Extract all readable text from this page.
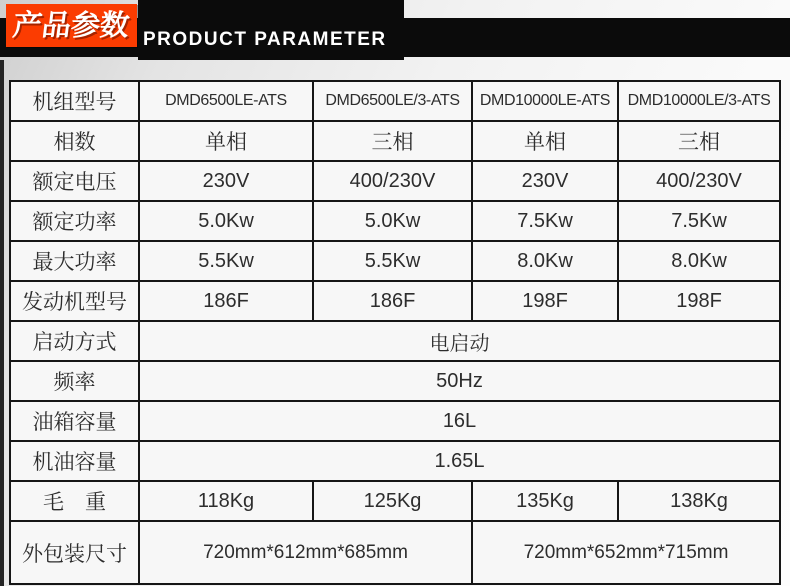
产品参数 PRODUCT PARAMETER
机组型号	DMD6500LE-ATS	DMD6500LE/3-ATS	DMD10000LE-ATS	DMD10000LE/3-ATS
相数	单相	三相	单相	三相
额定电压	230V	400/230V	230V	400/230V
额定功率	5.0Kw	5.0Kw	7.5Kw	7.5Kw
最大功率	5.5Kw	5.5Kw	8.0Kw	8.0Kw
发动机型号	186F	186F	198F	198F
启动方式	电启动			
频率	50Hz			
油箱容量	16L			
机油容量	1.65L			
毛　重	118Kg	125Kg	135Kg	138Kg
外包装尺寸	720mm*612mm*685mm		720mm*652mm*715mm	
